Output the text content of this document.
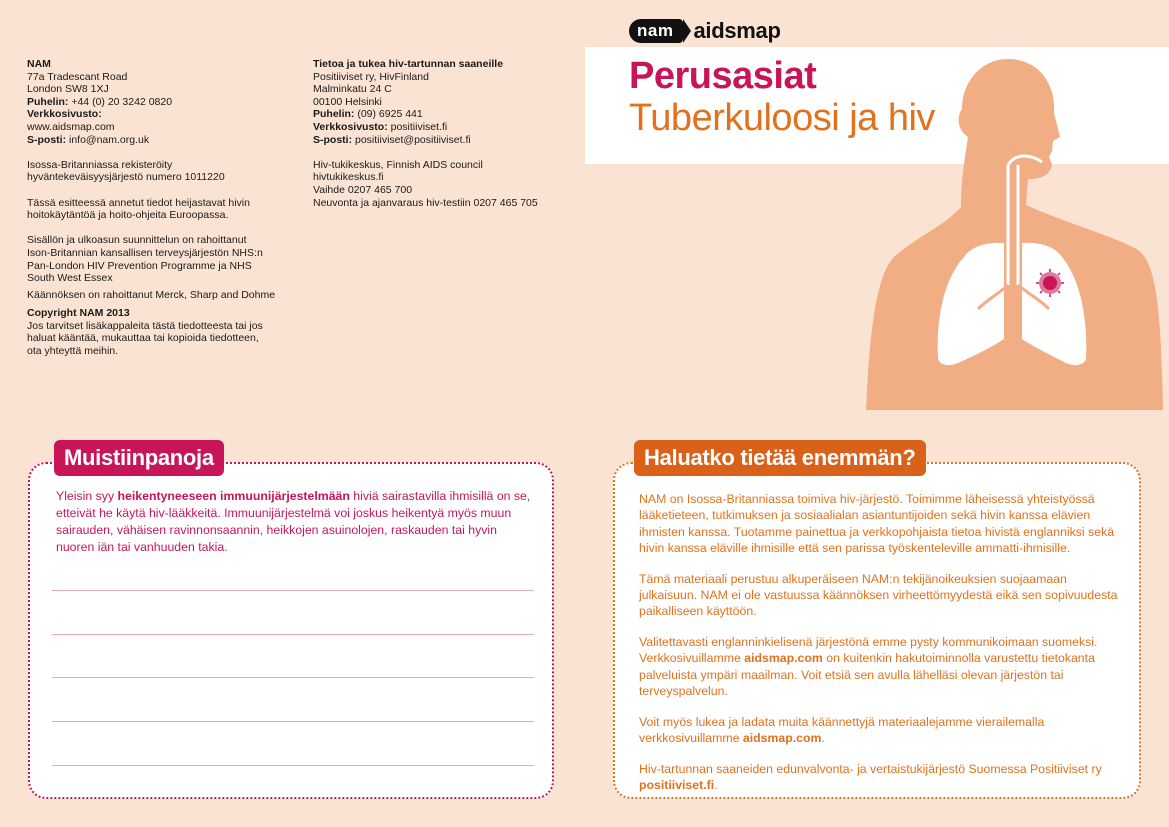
NAM
77a Tradescant Road
London SW8 1XJ
Puhelin: +44 (0) 20 3242 0820
Verkkosivusto:
www.aidsmap.com
S-posti: info@nam.org.uk

Isossa-Britanniassa rekisteröity
hyväntekeväisyysjärjestö numero 1011220

Tässä esitteessä annetut tiedot heijastavat hivin
hoitokäytäntöä ja hoito-ohjeita Euroopassa.

Sisällön ja ulkoasun suunnittelun on rahoittanut
Ison-Britannian kansallisen terveysjärjestön NHS:n
Pan-London HIV Prevention Programme ja NHS
South West Essex

Käännöksen on rahoittanut Merck, Sharp and Dohme

Copyright NAM 2013
Jos tarvitset lisäkappaleita tästä tiedotteesta tai jos
haluat kääntää, mukauttaa tai kopioida tiedotteen,
ota yhteyttä meihin.

Tietoa ja tukea hiv-tartunnan saaneille
Positiiviset ry, HivFinland
Malminkatu 24 C
00100 Helsinki
Puhelin: (09) 6925 441
Verkkosivusto: positiiviset.fi
S-posti: positiiviset@positiiviset.fi

Hiv-tukikeskus, Finnish AIDS council
hivtukikeskus.fi
Vaihde 0207 465 700
Neuvonta ja ajanvaraus hiv-testiin 0207 465 705

nam aidsmap
Perusasiat
Tuberkuloosi ja hiv
Muistiinpanoja
Yleisin syy heikentyneeseen immuunijärjestelmään hiviä sairastavilla ihmisillä on se, etteivät he käytä hiv-lääkkeitä. Immuunijärjestelmä voi joskus heikentyä myös muun sairauden, vähäisen ravinnonsaannin, heikkojen asuinolojen, raskauden tai hyvin nuoren iän tai vanhuuden takia.
Haluatko tietää enemmän?

NAM on Isossa-Britanniassa toimiva hiv-järjestö. Toimimme läheisessä yhteistyössä lääketieteen, tutkimuksen ja sosiaalialan asiantuntijoiden sekä hivin kanssa elävien ihmisten kanssa. Tuotamme painettua ja verkkopohjaista tietoa hivistä englanniksi sekä hivin kanssa eläville ihmisille että sen parissa työskenteleville ammatti-ihmisille.

Tämä materiaali perustuu alkuperäiseen NAM:n tekijänoikeuksien suojaamaan julkaisuun. NAM ei ole vastuussa käännöksen virheettömyydestä eikä sen sopivuudesta paikalliseen käyttöön.

Valitettavasti englanninkielisenä järjestönä emme pysty kommunikoimaan suomeksi. Verkkosivuillamme aidsmap.com on kuitenkin hakutoiminnolla varustettu tietokanta palveluista ympäri maailman. Voit etsiä sen avulla lähelläsi olevan järjestön tai terveyspalvelun.

Voit myös lukea ja ladata muita käännettyjä materiaalejamme vierailemalla verkkosivuillamme aidsmap.com.

Hiv-tartunnan saaneiden edunvalvonta- ja vertaistukijärjestö Suomessa Positiiviset ry positiiviset.fi.
